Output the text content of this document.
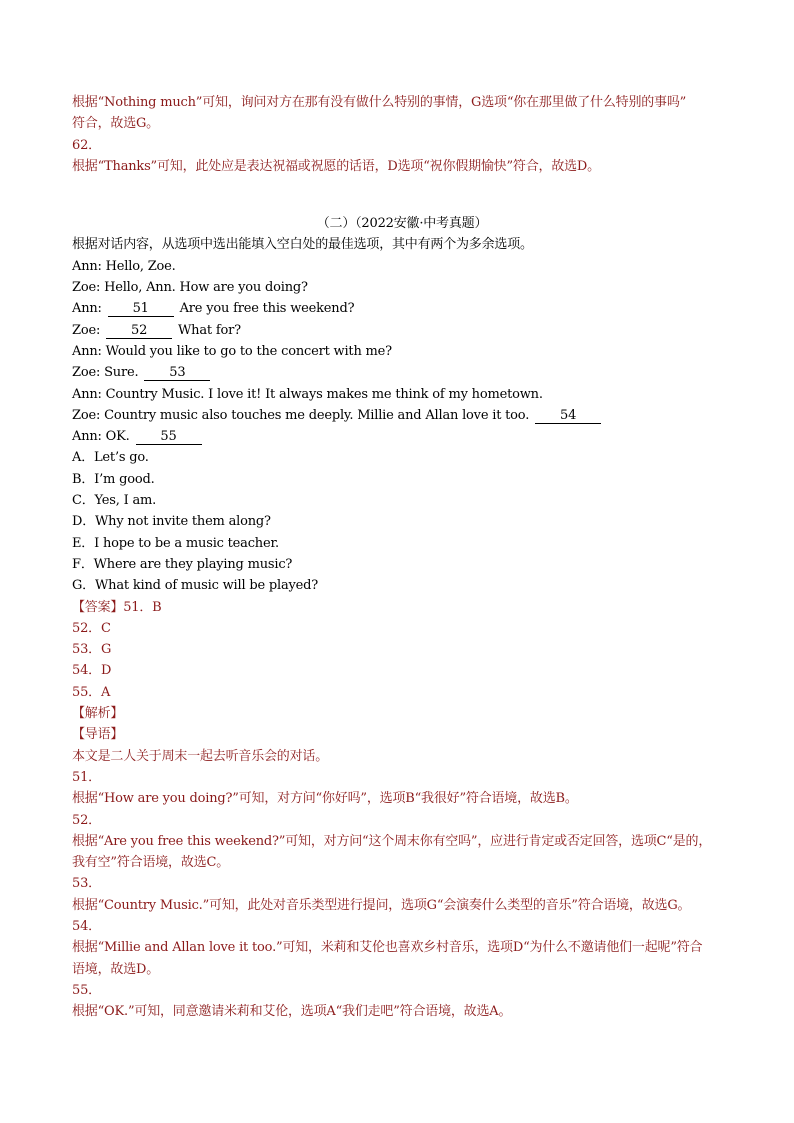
根据“Nothing much”可知，询问对方在那有没有做什么特别的事情，G选项“你在那里做了什么特别的事吗”
符合，故选G。
62．
根据“Thanks”可知，此处应是表达祝福或祝愿的话语，D选项“祝你假期愉快”符合，故选D。
（二）（2022安徽·中考真题）
根据对话内容，从选项中选出能填入空白处的最佳选项，其中有两个为多余选项。
Ann: Hello, Zoe.
Zoe: Hello, Ann. How are you doing?
Ann: 51 Are you free this weekend?
Zoe: 52 What for?
Ann: Would you like to go to the concert with me?
Zoe: Sure. 53
Ann: Country Music. I love it! It always makes me think of my hometown.
Zoe: Country music also touches me deeply. Millie and Allan love it too. 54
Ann: OK. 55
A．Let’s go.
B．I’m good.
C．Yes, I am.
D．Why not invite them along?
E．I hope to be a music teacher.
F．Where are they playing music?
G．What kind of music will be played?
【答案】51．B
52．C
53．G
54．D
55．A
【解析】
【导语】
本文是二人关于周末一起去听音乐会的对话。
51．
根据“How are you doing?”可知，对方问“你好吗”，选项B“我很好”符合语境，故选B。
52．
根据“Are you free this weekend?”可知，对方问“这个周末你有空吗”，应进行肯定或否定回答，选项C“是的，
我有空”符合语境，故选C。
53．
根据“Country Music.”可知，此处对音乐类型进行提问，选项G“会演奏什么类型的音乐”符合语境，故选G。
54．
根据“Millie and Allan love it too.”可知，米莉和艾伦也喜欢乡村音乐，选项D“为什么不邀请他们一起呢”符合
语境，故选D。
55．
根据“OK.”可知，同意邀请米莉和艾伦，选项A“我们走吧”符合语境，故选A。
